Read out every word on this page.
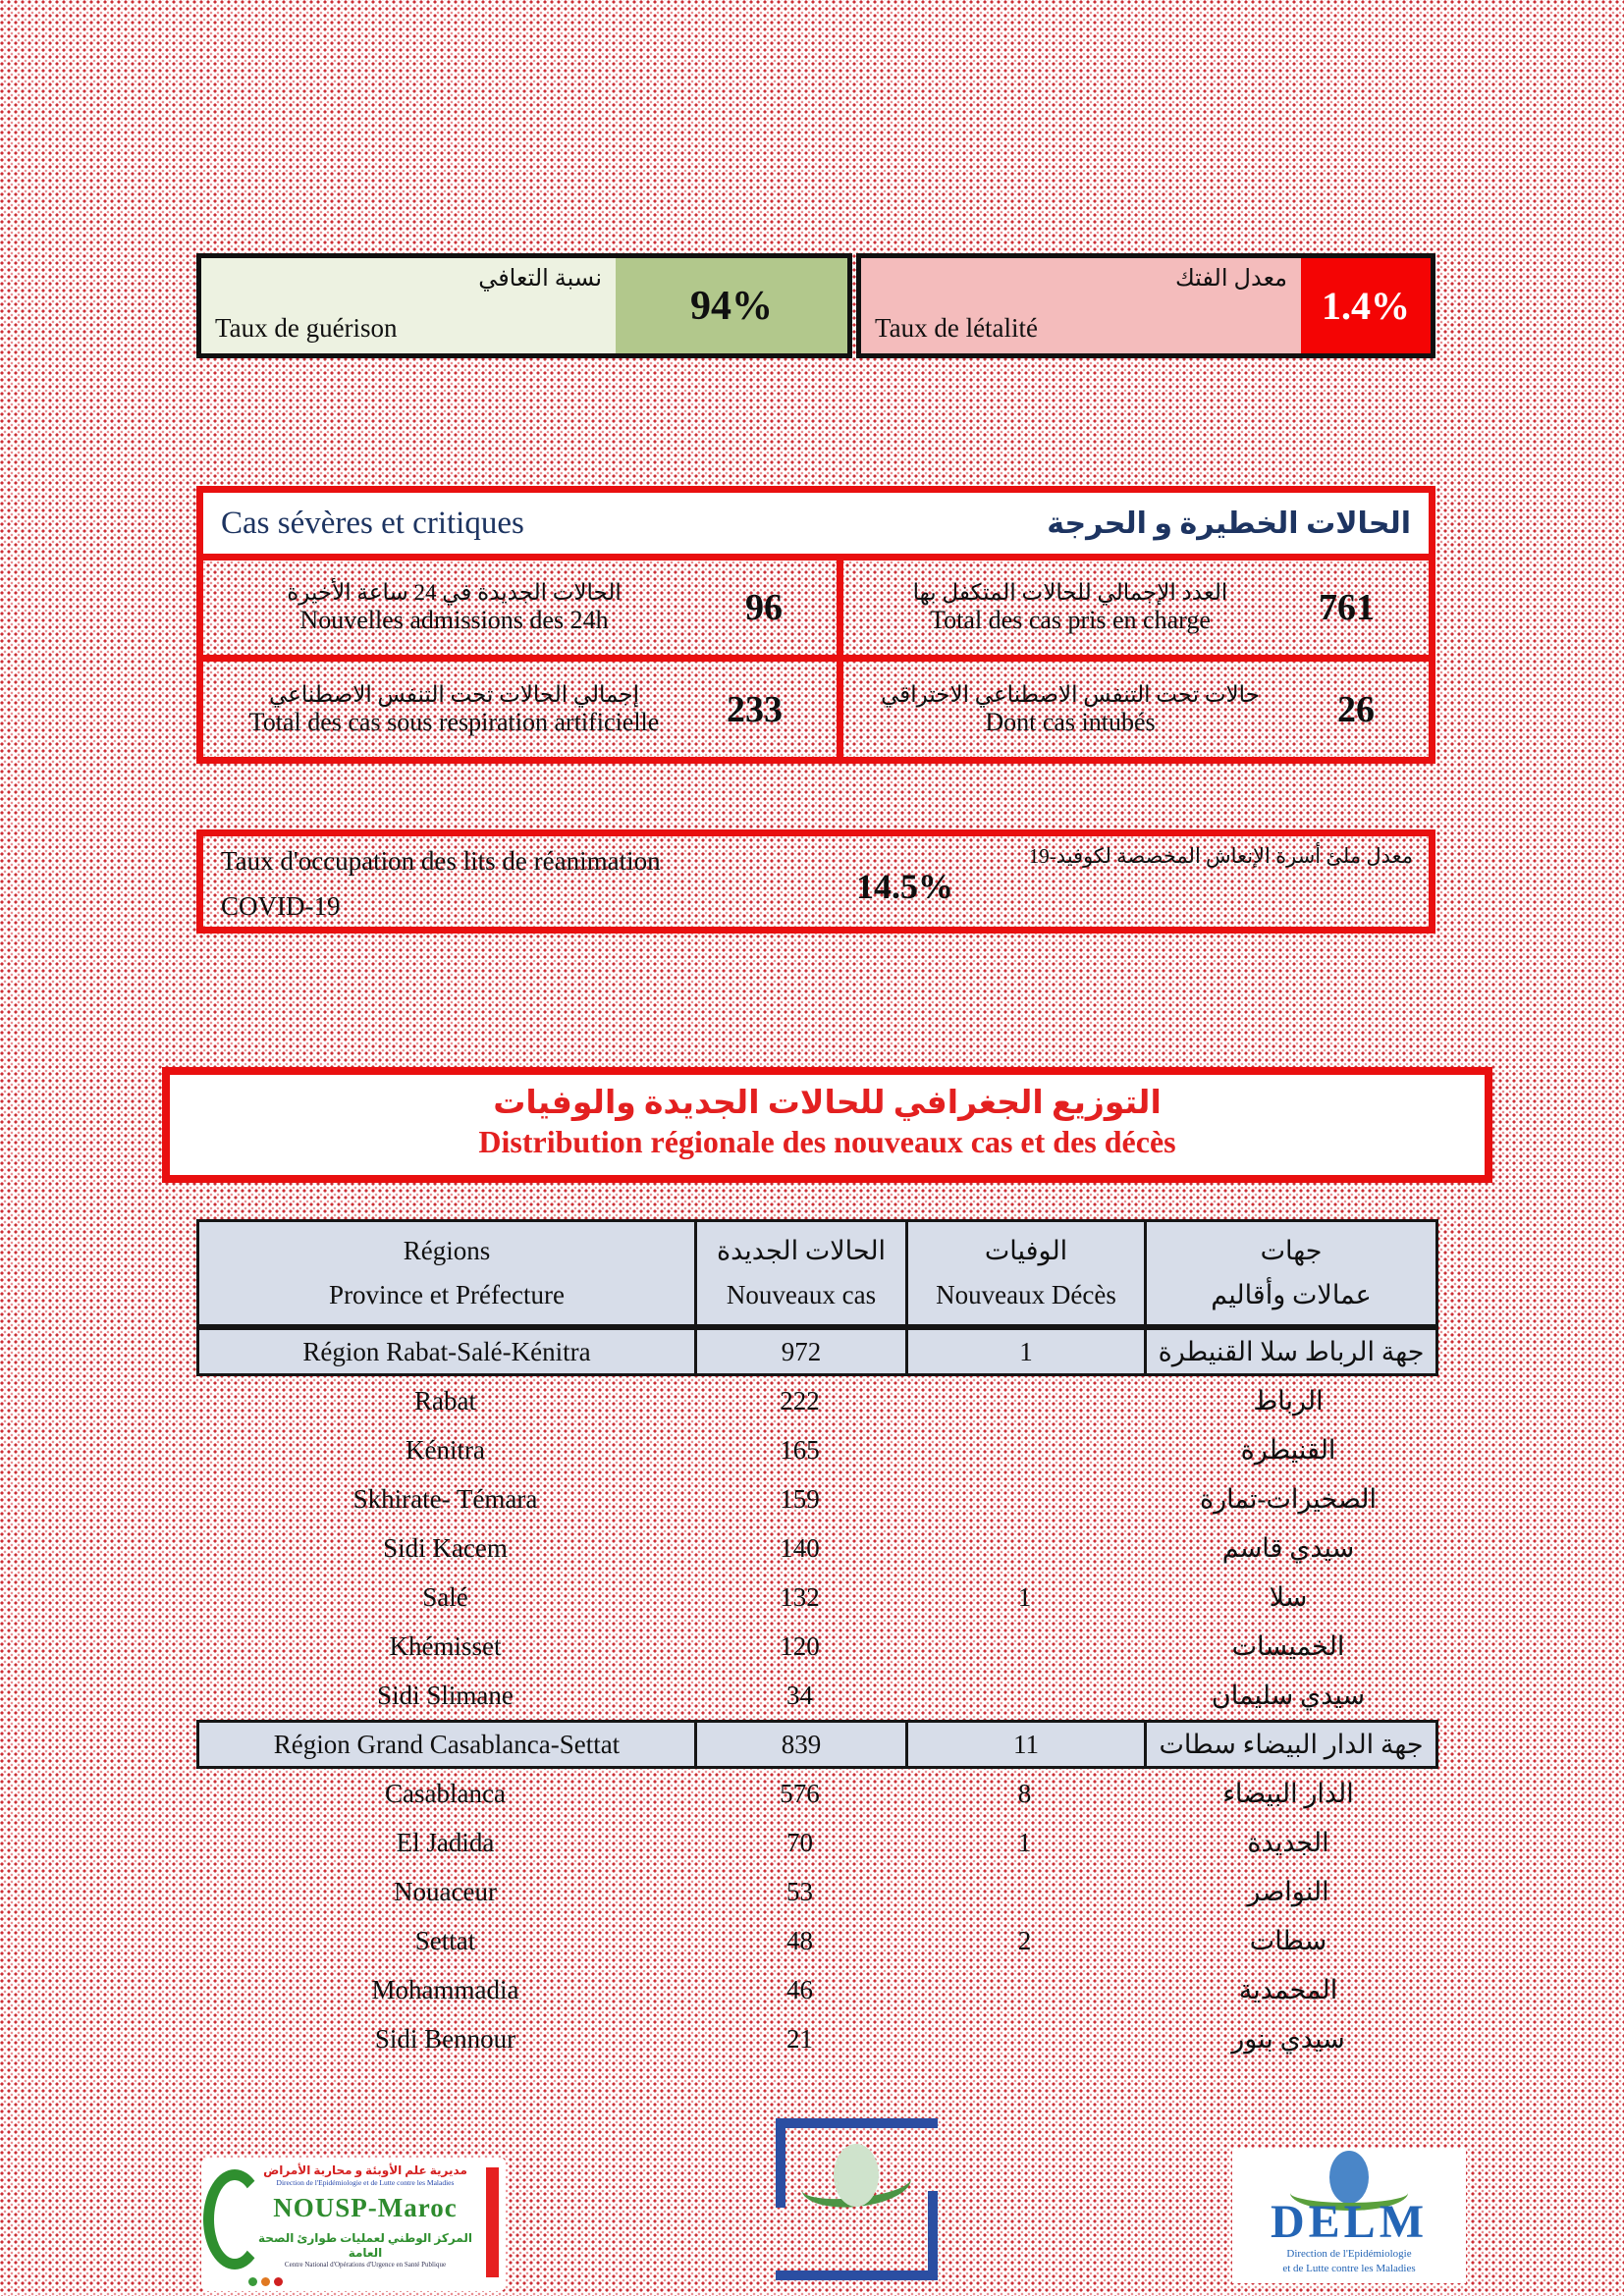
نسبة التعافي
Taux de guérison	94%
معدل الفتك
Taux de létalité	1.4%
Cas sévères et critiques	الحالات الخطيرة و الحرجة
الحالات الجديدة في 24 ساعة الأخيرة
Nouvelles admissions des 24h	96	العدد الإجمالي للحالات المتكفل بها
Total des cas pris en charge	761
إجمالي الحالات تحت التنفس الاصطناعي
Total des cas sous respiration artificielle	233	حالات تحت التنفس الاصطناعي الاختراقي
Dont cas intubés	26
Taux d'occupation des lits de réanimation
COVID-19	14.5%
معدل ملئ أسرة الإنعاش المخصصة لكوفيد-19
التوزيع الجغرافي للحالات الجديدة والوفيات
Distribution régionale des nouveaux cas et des décès
Régions
Province et Préfecture
الحالات الجديدة
Nouveaux cas
الوفيات
Nouveaux Décès
جهات
عمالات وأقاليم
Région Rabat-Salé-Kénitra	972	1	جهة الرباط سلا القنيطرة
Rabat	222	الرباط
Kénitra	165	القنيطرة
Skhirate- Témara	159	الصخيرات-تمارة
Sidi Kacem	140	سيدي قاسم
Salé	132	1	سلا
Khémisset	120	الخميسات
Sidi Slimane	34	سيدي سليمان
Région Grand Casablanca-Settat	839	11	جهة الدار البيضاء سطات
Casablanca	576	8	الدار البيضاء
El Jadida	70	1	الجديدة
Nouaceur	53	النواصر
Settat	48	2	سطات
Mohammadia	46	المحمدية
Sidi Bennour	21	سيدي بنور
مديرية علم الأوبئة و محاربة الأمراض
Direction de l'Epidémiologie et de Lutte contre les Maladies
NOUSP-Maroc
المركز الوطني لعمليات طوارئ الصحة العامة
Centre National d'Opérations d'Urgence en Santé Publique
DELM
Direction de l'Epidémiologie
et de Lutte contre les Maladies
